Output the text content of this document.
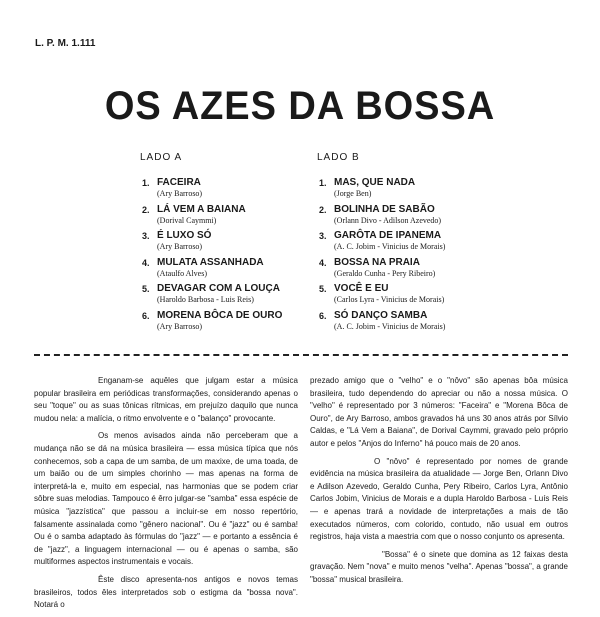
L. P. M. 1.111
OS AZES DA BOSSA
LADO A
1. FACEIRA
(Ary Barroso)
2. LÁ VEM A BAIANA
(Dorival Caymmi)
3. É LUXO SÓ
(Ary Barroso)
4. MULATA ASSANHADA
(Ataulfo Alves)
5. DEVAGAR COM A LOUÇA
(Haroldo Barbosa - Luis Reis)
6. MORENA BÔCA DE OURO
(Ary Barroso)
LADO B
1. MAS, QUE NADA
(Jorge Ben)
2. BOLINHA DE SABÃO
(Orlann Divo - Adilson Azevedo)
3. GARÔTA DE IPANEMA
(A. C. Jobim - Vinicius de Morais)
4. BOSSA NA PRAIA
(Geraldo Cunha - Pery Ribeiro)
5. VOCÊ E EU
(Carlos Lyra - Vinicius de Morais)
6. SÓ DANÇO SAMBA
(A. C. Jobim - Vinicius de Morais)

Enganam-se aquêles que julgam estar a música popular brasileira em periódicas transformações, considerando apenas o seu "toque" ou as suas tônicas rítmicas, em prejuízo daquilo que nunca mudou nela: a malícia, o ritmo envolvente e o "balanço" provocante.

Os menos avisados ainda não perceberam que a mudança não se dá na música brasileira — essa música típica que nós conhecemos, sob a capa de um samba, de um maxixe, de uma toada, de um baião ou de um simples chorinho — mas apenas na forma de interpretá-la e, muito em especial, nas harmonias que se podem criar sôbre suas melodias. Tampouco é êrro julgar-se "samba" essa espécie de música "jazzística" que passou a incluir-se em nosso repertório, falsamente assinalada como "gênero nacional". Ou é "jazz" ou é samba! Ou é o samba adaptado às fórmulas do "jazz" — e portanto a essência é de "jazz", a linguagem internacional — ou é apenas o samba, são multiformes aspectos instrumentais e vocais.

Êste disco apresenta-nos antigos e novos temas brasileiros, todos êles interpretados sob o estigma da "bossa nova". Notará o

prezado amigo que o "velho" e o "nôvo" são apenas bôa música brasileira, tudo dependendo do apreciar ou não a nossa música. O "velho" é representado por 3 números: "Faceira" e "Morena Bôca de Ouro", de Ary Barroso, ambos gravados há uns 30 anos atrás por Sílvio Caldas, e "Lá Vem a Baiana", de Dorival Caymmi, gravado pelo próprio autor e pelos "Anjos do Inferno" há pouco mais de 20 anos.

O "nôvo" é representado por nomes de grande evidência na música brasileira da atualidade — Jorge Ben, Orlann Divo e Adilson Azevedo, Geraldo Cunha, Pery Ribeiro, Carlos Lyra, Antônio Carlos Jobim, Vinicius de Morais e a dupla Haroldo Barbosa - Luís Reis — e apenas trará a novidade de interpretações a mais de tão executados números, com colorido, contudo, não usual em outros registros, haja vista a maestria com que o nosso conjunto os apresenta.

"Bossa" é o sinete que domina as 12 faixas desta gravação. Nem "nova" e muito menos "velha". Apenas "bossa", a grande "bossa" musical brasileira.
